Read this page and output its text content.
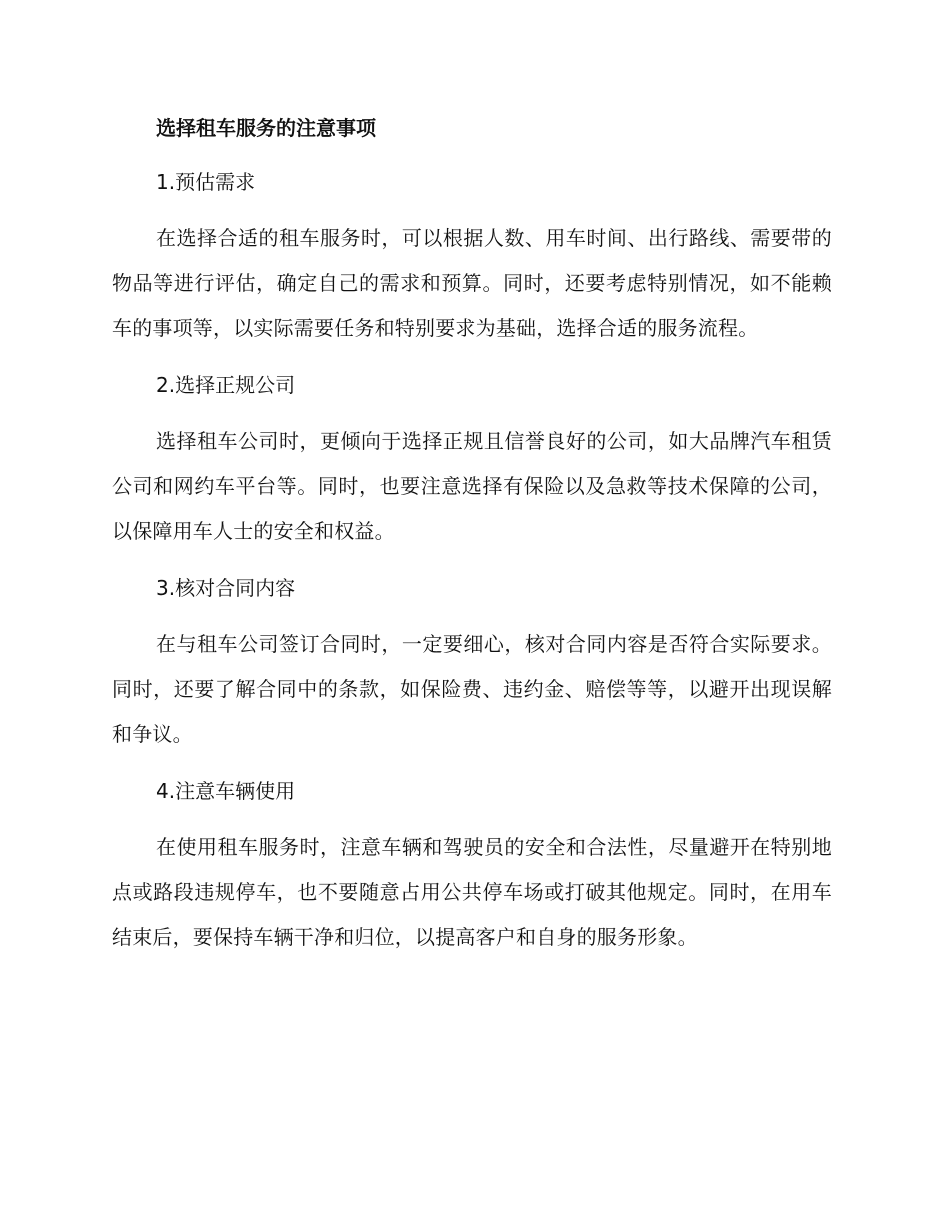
选择租车服务的注意事项
1.预估需求
在选择合适的租车服务时，可以根据人数、用车时间、出行路线、需要带的物品等进行评估，确定自己的需求和预算。同时，还要考虑特别情况，如不能赖车的事项等，以实际需要任务和特别要求为基础，选择合适的服务流程。
2.选择正规公司
选择租车公司时，更倾向于选择正规且信誉良好的公司，如大品牌汽车租赁公司和网约车平台等。同时，也要注意选择有保险以及急救等技术保障的公司，以保障用车人士的安全和权益。
3.核对合同内容
在与租车公司签订合同时，一定要细心，核对合同内容是否符合实际要求。同时，还要了解合同中的条款，如保险费、违约金、赔偿等等，以避开出现误解和争议。
4.注意车辆使用
在使用租车服务时，注意车辆和驾驶员的安全和合法性，尽量避开在特别地点或路段违规停车，也不要随意占用公共停车场或打破其他规定。同时，在用车结束后，要保持车辆干净和归位，以提高客户和自身的服务形象。
